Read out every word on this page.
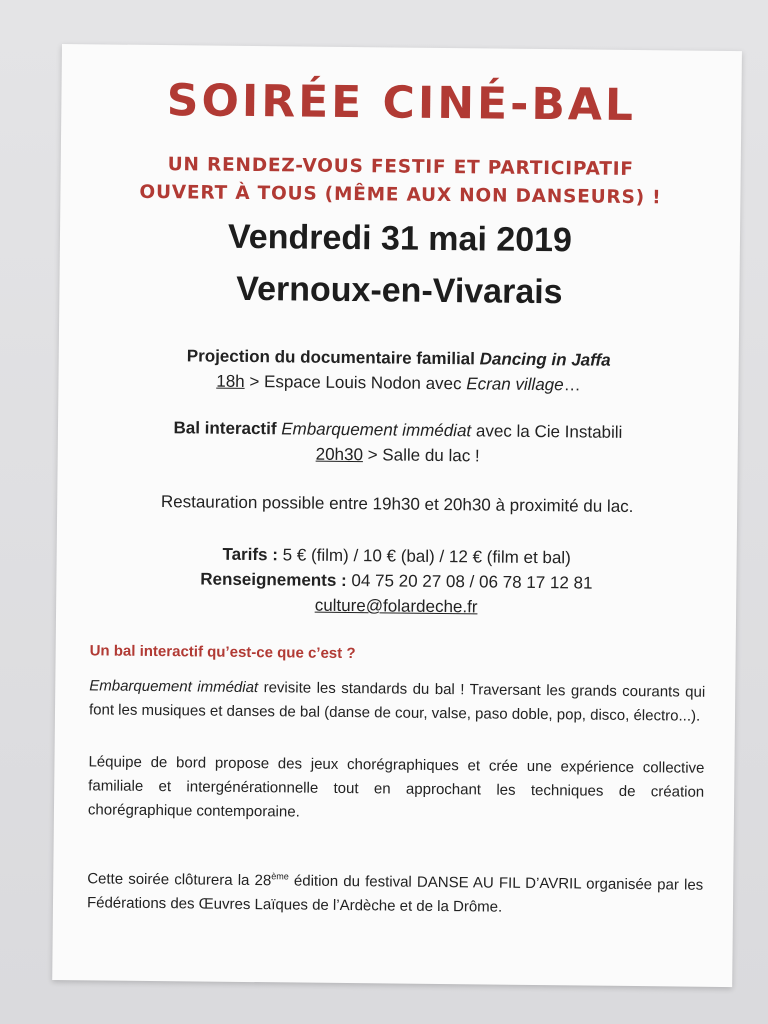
SOIRÉE CINÉ-BAL
UN RENDEZ-VOUS FESTIF ET PARTICIPATIF
OUVERT À TOUS (MÊME AUX NON DANSEURS) !
Vendredi 31 mai 2019
Vernoux-en-Vivarais
Projection du documentaire familial Dancing in Jaffa
18h > Espace Louis Nodon avec Ecran village…
Bal interactif Embarquement immédiat avec la Cie Instabili
20h30 > Salle du lac !
Restauration possible entre 19h30 et 20h30 à proximité du lac.
Tarifs : 5 € (film) / 10 € (bal) / 12 € (film et bal)
Renseignements : 04 75 20 27 08 / 06 78 17 12 81
culture@folardeche.fr
Un bal interactif qu’est-ce que c’est ?
Embarquement immédiat revisite les standards du bal ! Traversant les grands courants qui font les musiques et danses de bal (danse de cour, valse, paso doble, pop, disco, électro...).
Léquipe de bord propose des jeux chorégraphiques et crée une expérience collective familiale et intergénérationnelle tout en approchant les techniques de création chorégraphique contemporaine.
Cette soirée clôturera la 28ème édition du festival DANSE AU FIL D’AVRIL organisée par les Fédérations des Œuvres Laïques de l’Ardèche et de la Drôme.
